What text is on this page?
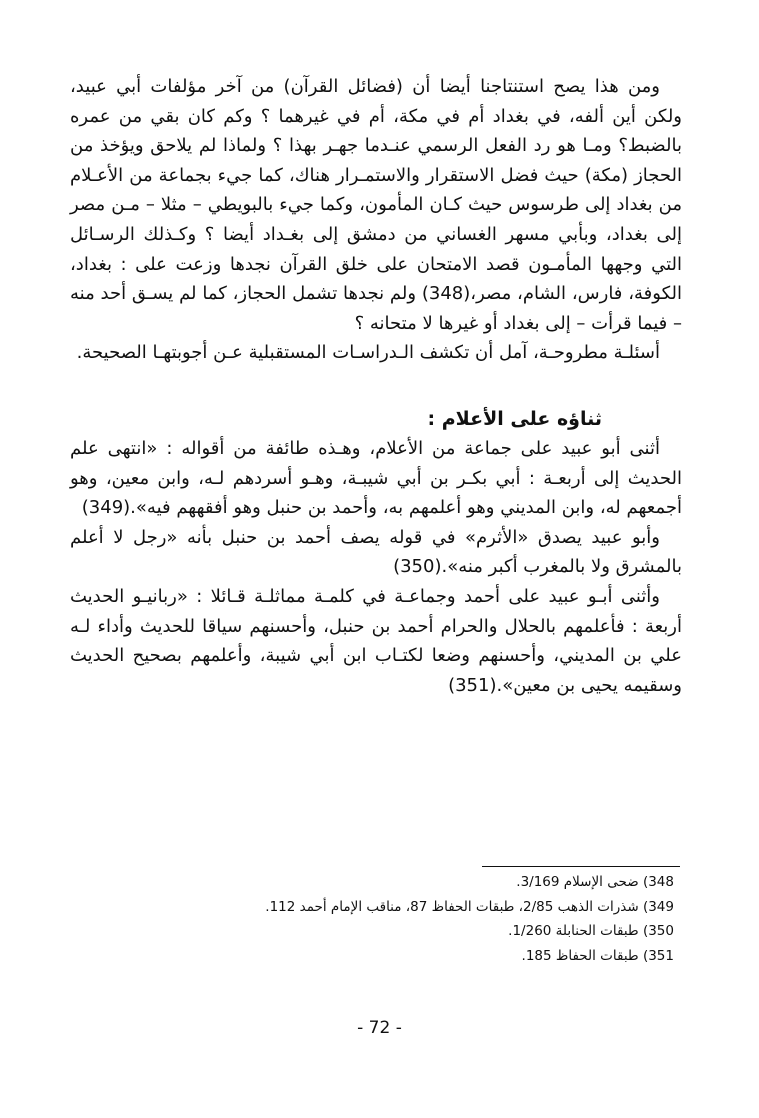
ومن هذا يصح استنتاجنا أيضا أن (فضائل القرآن) من آخر مؤلفات أبي عبيد، ولكن أين ألفه، في بغداد أم في مكة، أم في غيرهما ؟ وكم كان بقي من عمره بالضبط؟ ومـا هو رد الفعل الرسمي عنـدما جهـر بهذا ؟ ولماذا لم يلاحق ويؤخذ من الحجاز (مكة) حيث فضل الاستقرار والاستمـرار هناك، كما جيء بجماعة من الأعـلام من بغداد إلى طرسوس حيث كـان المأمون، وكما جيء بالبويطي – مثلا – مـن مصر إلى بغداد، وبأبي مسهر الغساني من دمشق إلى بغـداد أيضا ؟ وكـذلك الرسـائل التي وجهها المأمـون قصد الامتحان على خلق القرآن نجدها وزعت على : بغداد، الكوفة، فارس، الشام، مصر،(348) ولم نجدها تشمل الحجاز، كما لم يسـق أحد منه – فيما قرأت – إلى بغداد أو غيرها لا متحانه ؟

أسئلـة مطروحـة، آمل أن تكشف الـدراسـات المستقبلية عـن أجوبتهـا الصحيحة.

ثناؤه على الأعلام :

أثنى أبو عبيد على جماعة من الأعلام، وهـذه طائفة من أقواله : «انتهى علم الحديث إلى أربعـة : أبي بكـر بن أبي شيبـة، وهـو أسردهم لـه، وابن معين، وهو أجمعهم له، وابن المديني وهو أعلمهم به، وأحمد بن حنبل وهو أفقههم فيه».(349)

وأبو عبيد يصدق «الأثرم» في قوله يصف أحمد بن حنبل بأنه «رجل لا أعلم بالمشرق ولا بالمغرب أكبر منه».(350)

وأثنى أبـو عبيد على أحمد وجماعـة في كلمـة مماثلـة قـائلا : «ربانيـو الحديث أربعة : فأعلمهم بالحلال والحرام أحمد بن حنبل، وأحسنهم سياقا للحديث وأداء لـه علي بن المديني، وأحسنهم وضعا لكتـاب ابن أبي شيبة، وأعلمهم بصحيح الحديث وسقيمه يحيى بن معين».(351)

348) ضحى الإسلام 3/169.

349) شذرات الذهب 2/85، طبقات الحفاظ 87، مناقب الإمام أحمد 112.

350) طبقات الحنابلة 1/260.

351) طبقات الحفاظ 185.

- 72 -
